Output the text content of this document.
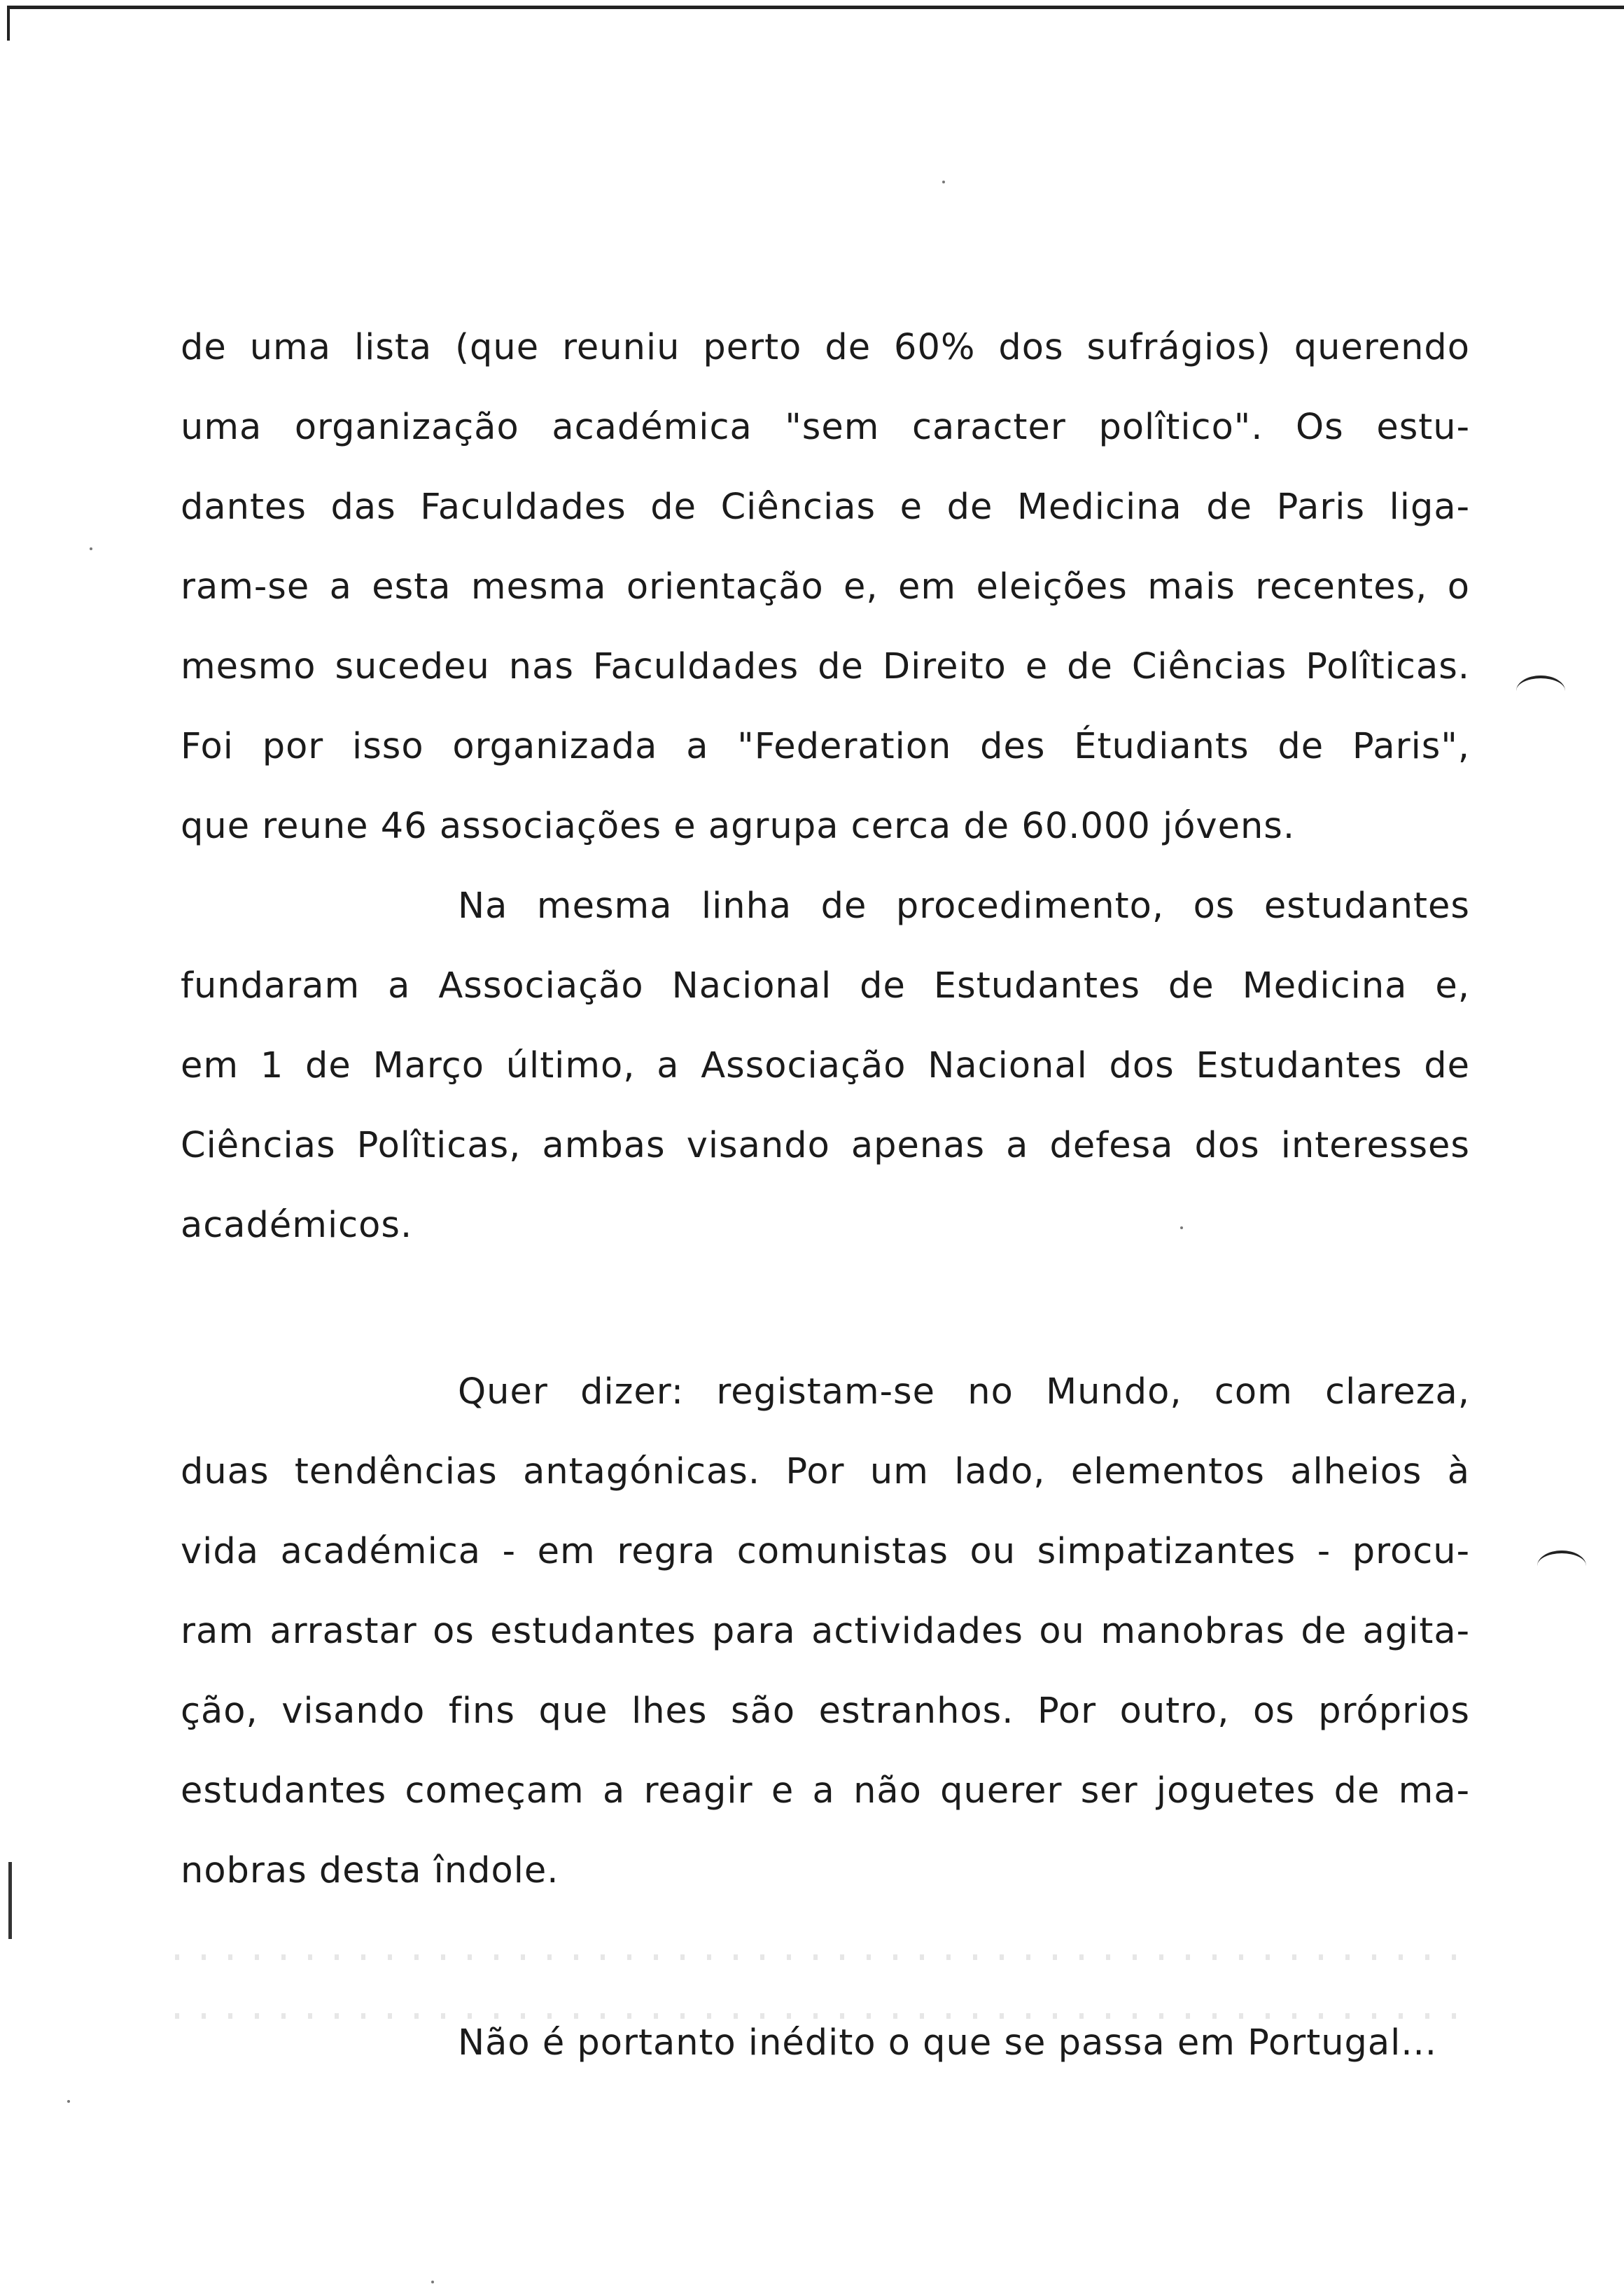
de uma lista (que reuniu perto de 60% dos sufrágios) querendo
uma organização académica "sem caracter polîtico". Os estu-
dantes das Faculdades de Ciências e de Medicina de Paris liga-
ram-se a esta mesma orientação e, em eleições mais recentes, o
mesmo sucedeu nas Faculdades de Direito e de Ciências Polîticas.
Foi por isso organizada a "Federation des Étudiants de Paris",
que reune 46 associações e agrupa cerca de 60.000 jóvens.
Na mesma linha de procedimento, os estudantes
fundaram a Associação Nacional de Estudantes de Medicina e,
em 1 de Março último, a Associação Nacional dos Estudantes de
Ciências Polîticas, ambas visando apenas a defesa dos interesses
académicos.
Quer dizer: registam-se no Mundo, com clareza,
duas tendências antagónicas. Por um lado, elementos alheios à
vida académica - em regra comunistas ou simpatizantes - procu-
ram arrastar os estudantes para actividades ou manobras de agita-
ção, visando fins que lhes são estranhos. Por outro, os próprios
estudantes começam a reagir e a não querer ser joguetes de ma-
nobras desta îndole.
Não é portanto inédito o que se passa em Portugal...
